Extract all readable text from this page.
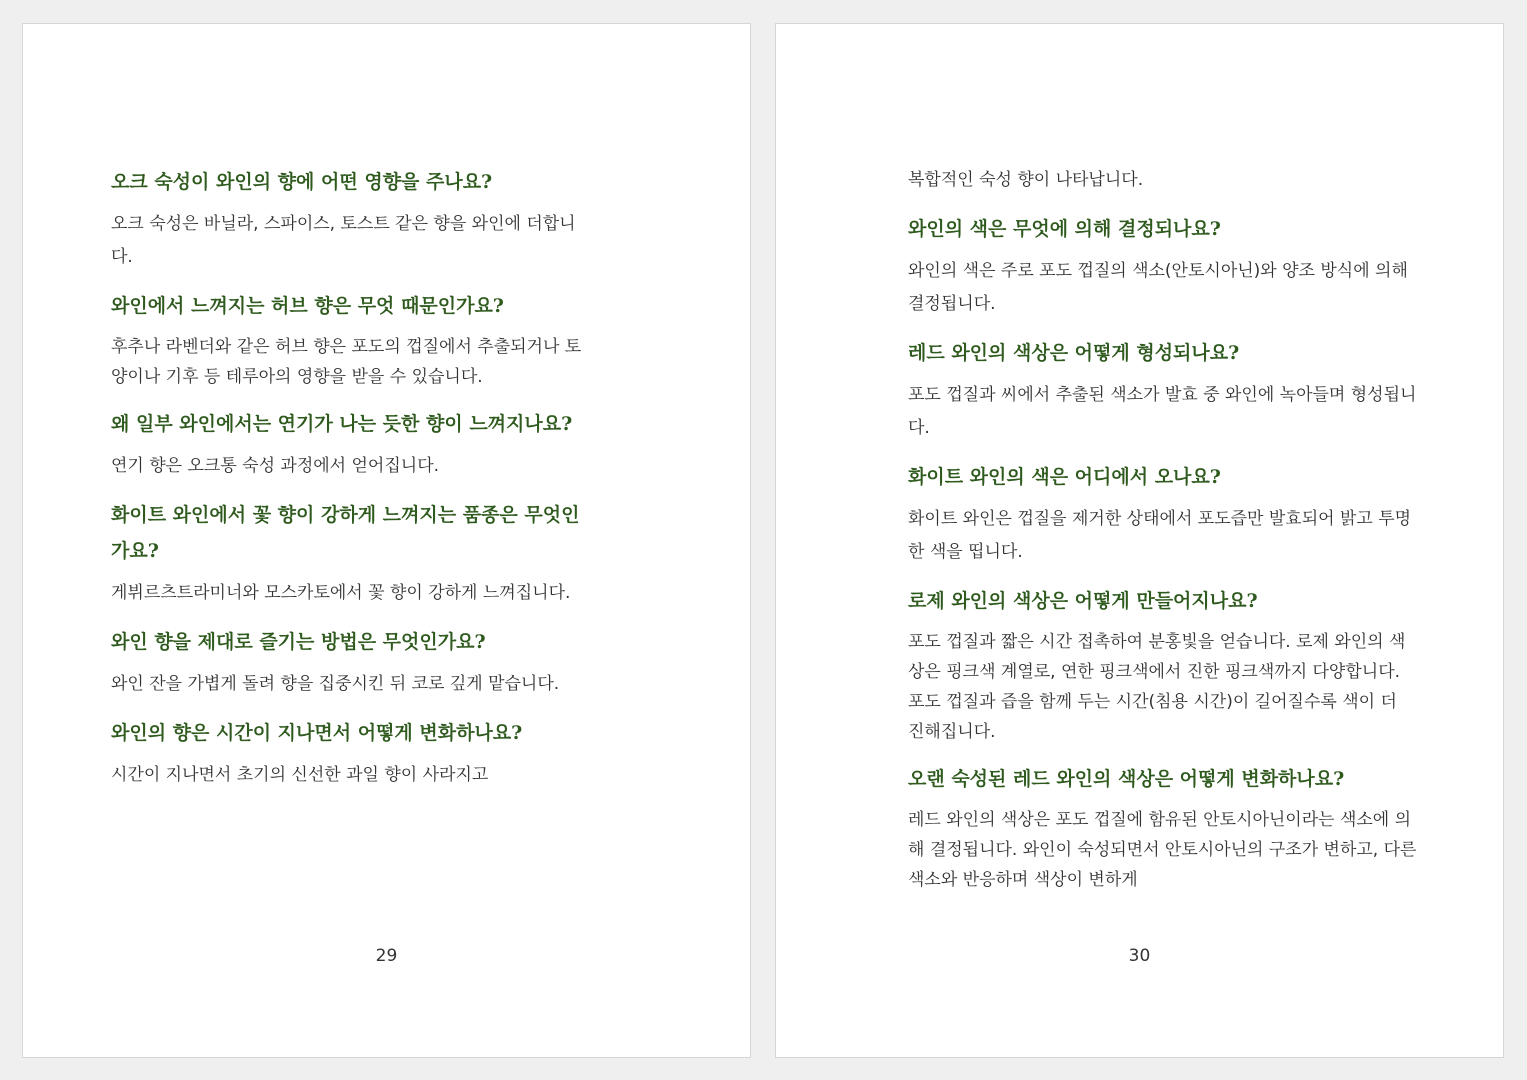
오크 숙성이 와인의 향에 어떤 영향을 주나요?

오크 숙성은 바닐라, 스파이스, 토스트 같은 향을 와인에 더합니다.

와인에서 느껴지는 허브 향은 무엇 때문인가요?

후추나 라벤더와 같은 허브 향은 포도의 껍질에서 추출되거나 토양이나 기후 등 테루아의 영향을 받을 수 있습니다.

왜 일부 와인에서는 연기가 나는 듯한 향이 느껴지나요?

연기 향은 오크통 숙성 과정에서 얻어집니다.

화이트 와인에서 꽃 향이 강하게 느껴지는 품종은 무엇인가요?

게뷔르츠트라미너와 모스카토에서 꽃 향이 강하게 느껴집니다.

와인 향을 제대로 즐기는 방법은 무엇인가요?

와인 잔을 가볍게 돌려 향을 집중시킨 뒤 코로 깊게 맡습니다.

와인의 향은 시간이 지나면서 어떻게 변화하나요?

시간이 지나면서 초기의 신선한 과일 향이 사라지고

29

복합적인 숙성 향이 나타납니다.

와인의 색은 무엇에 의해 결정되나요?

와인의 색은 주로 포도 껍질의 색소(안토시아닌)와 양조 방식에 의해 결정됩니다.

레드 와인의 색상은 어떻게 형성되나요?

포도 껍질과 씨에서 추출된 색소가 발효 중 와인에 녹아들며 형성됩니다.

화이트 와인의 색은 어디에서 오나요?

화이트 와인은 껍질을 제거한 상태에서 포도즙만 발효되어 밝고 투명한 색을 띱니다.

로제 와인의 색상은 어떻게 만들어지나요?

포도 껍질과 짧은 시간 접촉하여 분홍빛을 얻습니다. 로제 와인의 색상은 핑크색 계열로, 연한 핑크색에서 진한 핑크색까지 다양합니다. 포도 껍질과 즙을 함께 두는 시간(침용 시간)이 길어질수록 색이 더 진해집니다.

오랜 숙성된 레드 와인의 색상은 어떻게 변화하나요?

레드 와인의 색상은 포도 껍질에 함유된 안토시아닌이라는 색소에 의해 결정됩니다. 와인이 숙성되면서 안토시아닌의 구조가 변하고, 다른 색소와 반응하며 색상이 변하게

30
